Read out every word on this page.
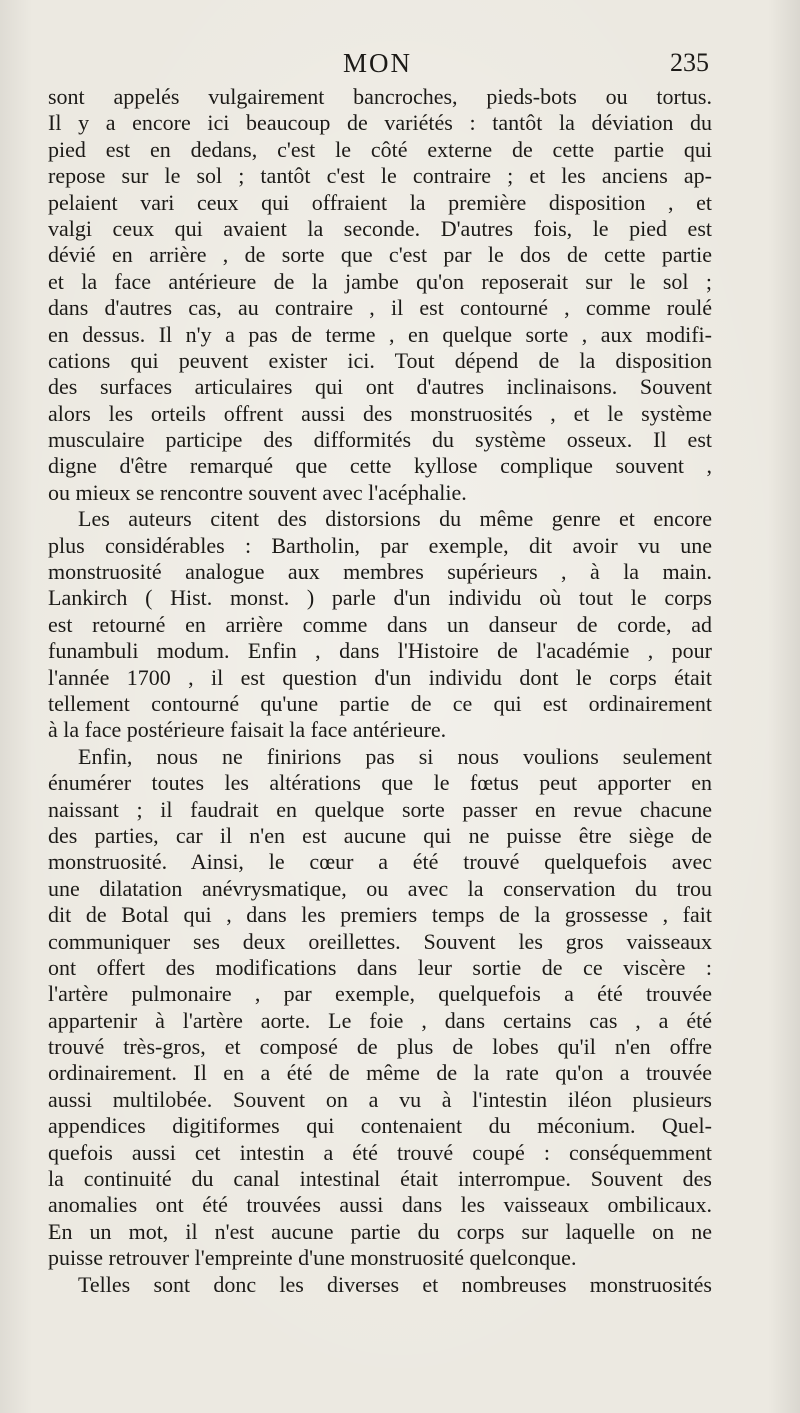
MON	235
sont appelés vulgairement bancroches, pieds-bots ou tortus.
Il y a encore ici beaucoup de variétés : tantôt la déviation du
pied est en dedans, c'est le côté externe de cette partie qui
repose sur le sol ; tantôt c'est le contraire ; et les anciens ap-
pelaient vari ceux qui offraient la première disposition , et
valgi ceux qui avaient la seconde. D'autres fois, le pied est
dévié en arrière , de sorte que c'est par le dos de cette partie
et la face antérieure de la jambe qu'on reposerait sur le sol ;
dans d'autres cas, au contraire , il est contourné , comme roulé
en dessus. Il n'y a pas de terme , en quelque sorte , aux modifi-
cations qui peuvent exister ici. Tout dépend de la disposition
des surfaces articulaires qui ont d'autres inclinaisons. Souvent
alors les orteils offrent aussi des monstruosités , et le système
musculaire participe des difformités du système osseux. Il est
digne d'être remarqué que cette kyllose complique souvent ,
ou mieux se rencontre souvent avec l'acéphalie.
Les auteurs citent des distorsions du même genre et encore
plus considérables : Bartholin, par exemple, dit avoir vu une
monstruosité analogue aux membres supérieurs , à la main.
Lankirch ( Hist. monst. ) parle d'un individu où tout le corps
est retourné en arrière comme dans un danseur de corde, ad
funambuli modum. Enfin , dans l'Histoire de l'académie , pour
l'année 1700 , il est question d'un individu dont le corps était
tellement contourné qu'une partie de ce qui est ordinairement
à la face postérieure faisait la face antérieure.
Enfin, nous ne finirions pas si nous voulions seulement
énumérer toutes les altérations que le fœtus peut apporter en
naissant ; il faudrait en quelque sorte passer en revue chacune
des parties, car il n'en est aucune qui ne puisse être siège de
monstruosité. Ainsi, le cœur a été trouvé quelquefois avec
une dilatation anévrysmatique, ou avec la conservation du trou
dit de Botal qui , dans les premiers temps de la grossesse , fait
communiquer ses deux oreillettes. Souvent les gros vaisseaux
ont offert des modifications dans leur sortie de ce viscère :
l'artère pulmonaire , par exemple, quelquefois a été trouvée
appartenir à l'artère aorte. Le foie , dans certains cas , a été
trouvé très-gros, et composé de plus de lobes qu'il n'en offre
ordinairement. Il en a été de même de la rate qu'on a trouvée
aussi multilobée. Souvent on a vu à l'intestin iléon plusieurs
appendices digitiformes qui contenaient du méconium. Quel-
quefois aussi cet intestin a été trouvé coupé : conséquemment
la continuité du canal intestinal était interrompue. Souvent des
anomalies ont été trouvées aussi dans les vaisseaux ombilicaux.
En un mot, il n'est aucune partie du corps sur laquelle on ne
puisse retrouver l'empreinte d'une monstruosité quelconque.
Telles sont donc les diverses et nombreuses monstruosités
